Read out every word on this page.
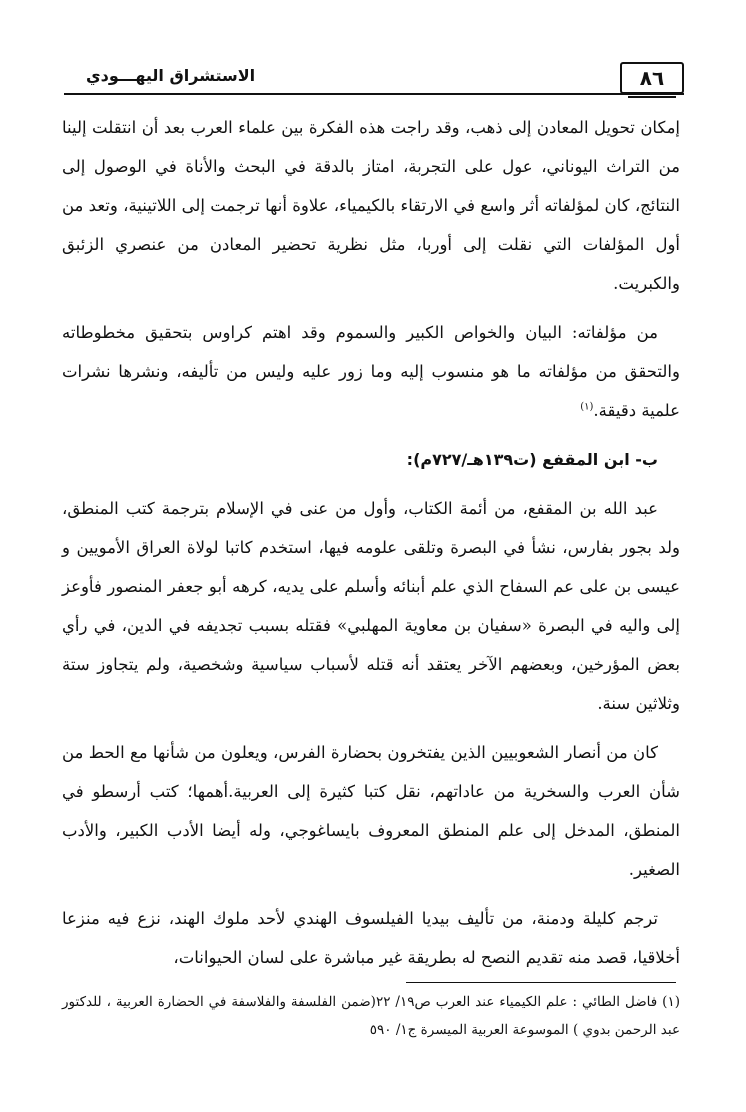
٨٦
الاستشراق اليهـــودي

إمكان تحويل المعادن إلى ذهب، وقد راجت هذه الفكرة بين علماء العرب بعد أن انتقلت إلينا من التراث اليوناني، عول على التجربة، امتاز بالدقة في البحث والأناة في الوصول إلى النتائج، كان لمؤلفاته أثر واسع في الارتقاء بالكيمياء، علاوة أنها ترجمت إلى اللاتينية، وتعد من أول المؤلفات التي نقلت إلى أوربا، مثل نظرية تحضير المعادن من عنصري الزئبق والكبريت.

من مؤلفاته: البيان والخواص الكبير والسموم وقد اهتم كراوس بتحقيق مخطوطاته والتحقق من مؤلفاته ما هو منسوب إليه وما زور عليه وليس من تأليفه، ونشرها نشرات علمية دقيقة.$^{(١)}$

ب- ابن المقفع (ت١٣٩هـ/٧٢٧م):

عبد الله بن المقفع، من أئمة الكتاب، وأول من عنى في الإسلام بترجمة كتب المنطق، ولد بجور بفارس، نشأ في البصرة وتلقى علومه فيها، استخدم كاتبا لولاة العراق الأمويين و عيسى بن على عم السفاح الذي علم أبنائه وأسلم على يديه، كرهه أبو جعفر المنصور فأوعز إلى واليه في البصرة «سفيان بن معاوية المهلبي» فقتله بسبب تجديفه في الدين، في رأي بعض المؤرخين، وبعضهم الآخر يعتقد أنه قتله لأسباب سياسية وشخصية، ولم يتجاوز ستة وثلاثين سنة.

كان من أنصار الشعوبيين الذين يفتخرون بحضارة الفرس، ويعلون من شأنها مع الحط من شأن العرب والسخرية من عاداتهم، نقل كتبا كثيرة إلى العربية.أهمها؛ كتب أرسطو في المنطق، المدخل إلى علم المنطق المعروف بايساغوجي، وله أيضا الأدب الكبير، والأدب الصغير.

ترجم كليلة ودمنة، من تأليف بيديا الفيلسوف الهندي لأحد ملوك الهند، نزع فيه منزعا أخلاقيا، قصد منه تقديم النصح له بطريقة غير مباشرة على لسان الحيوانات،

(١) فاضل الطائي : علم الكيمياء عند العرب ص١٩/ ٢٢(ضمن الفلسفة والفلاسفة في الحضارة العربية ، للدكتور عبد الرحمن بدوي ) الموسوعة العربية الميسرة ج١/ ٥٩٠
